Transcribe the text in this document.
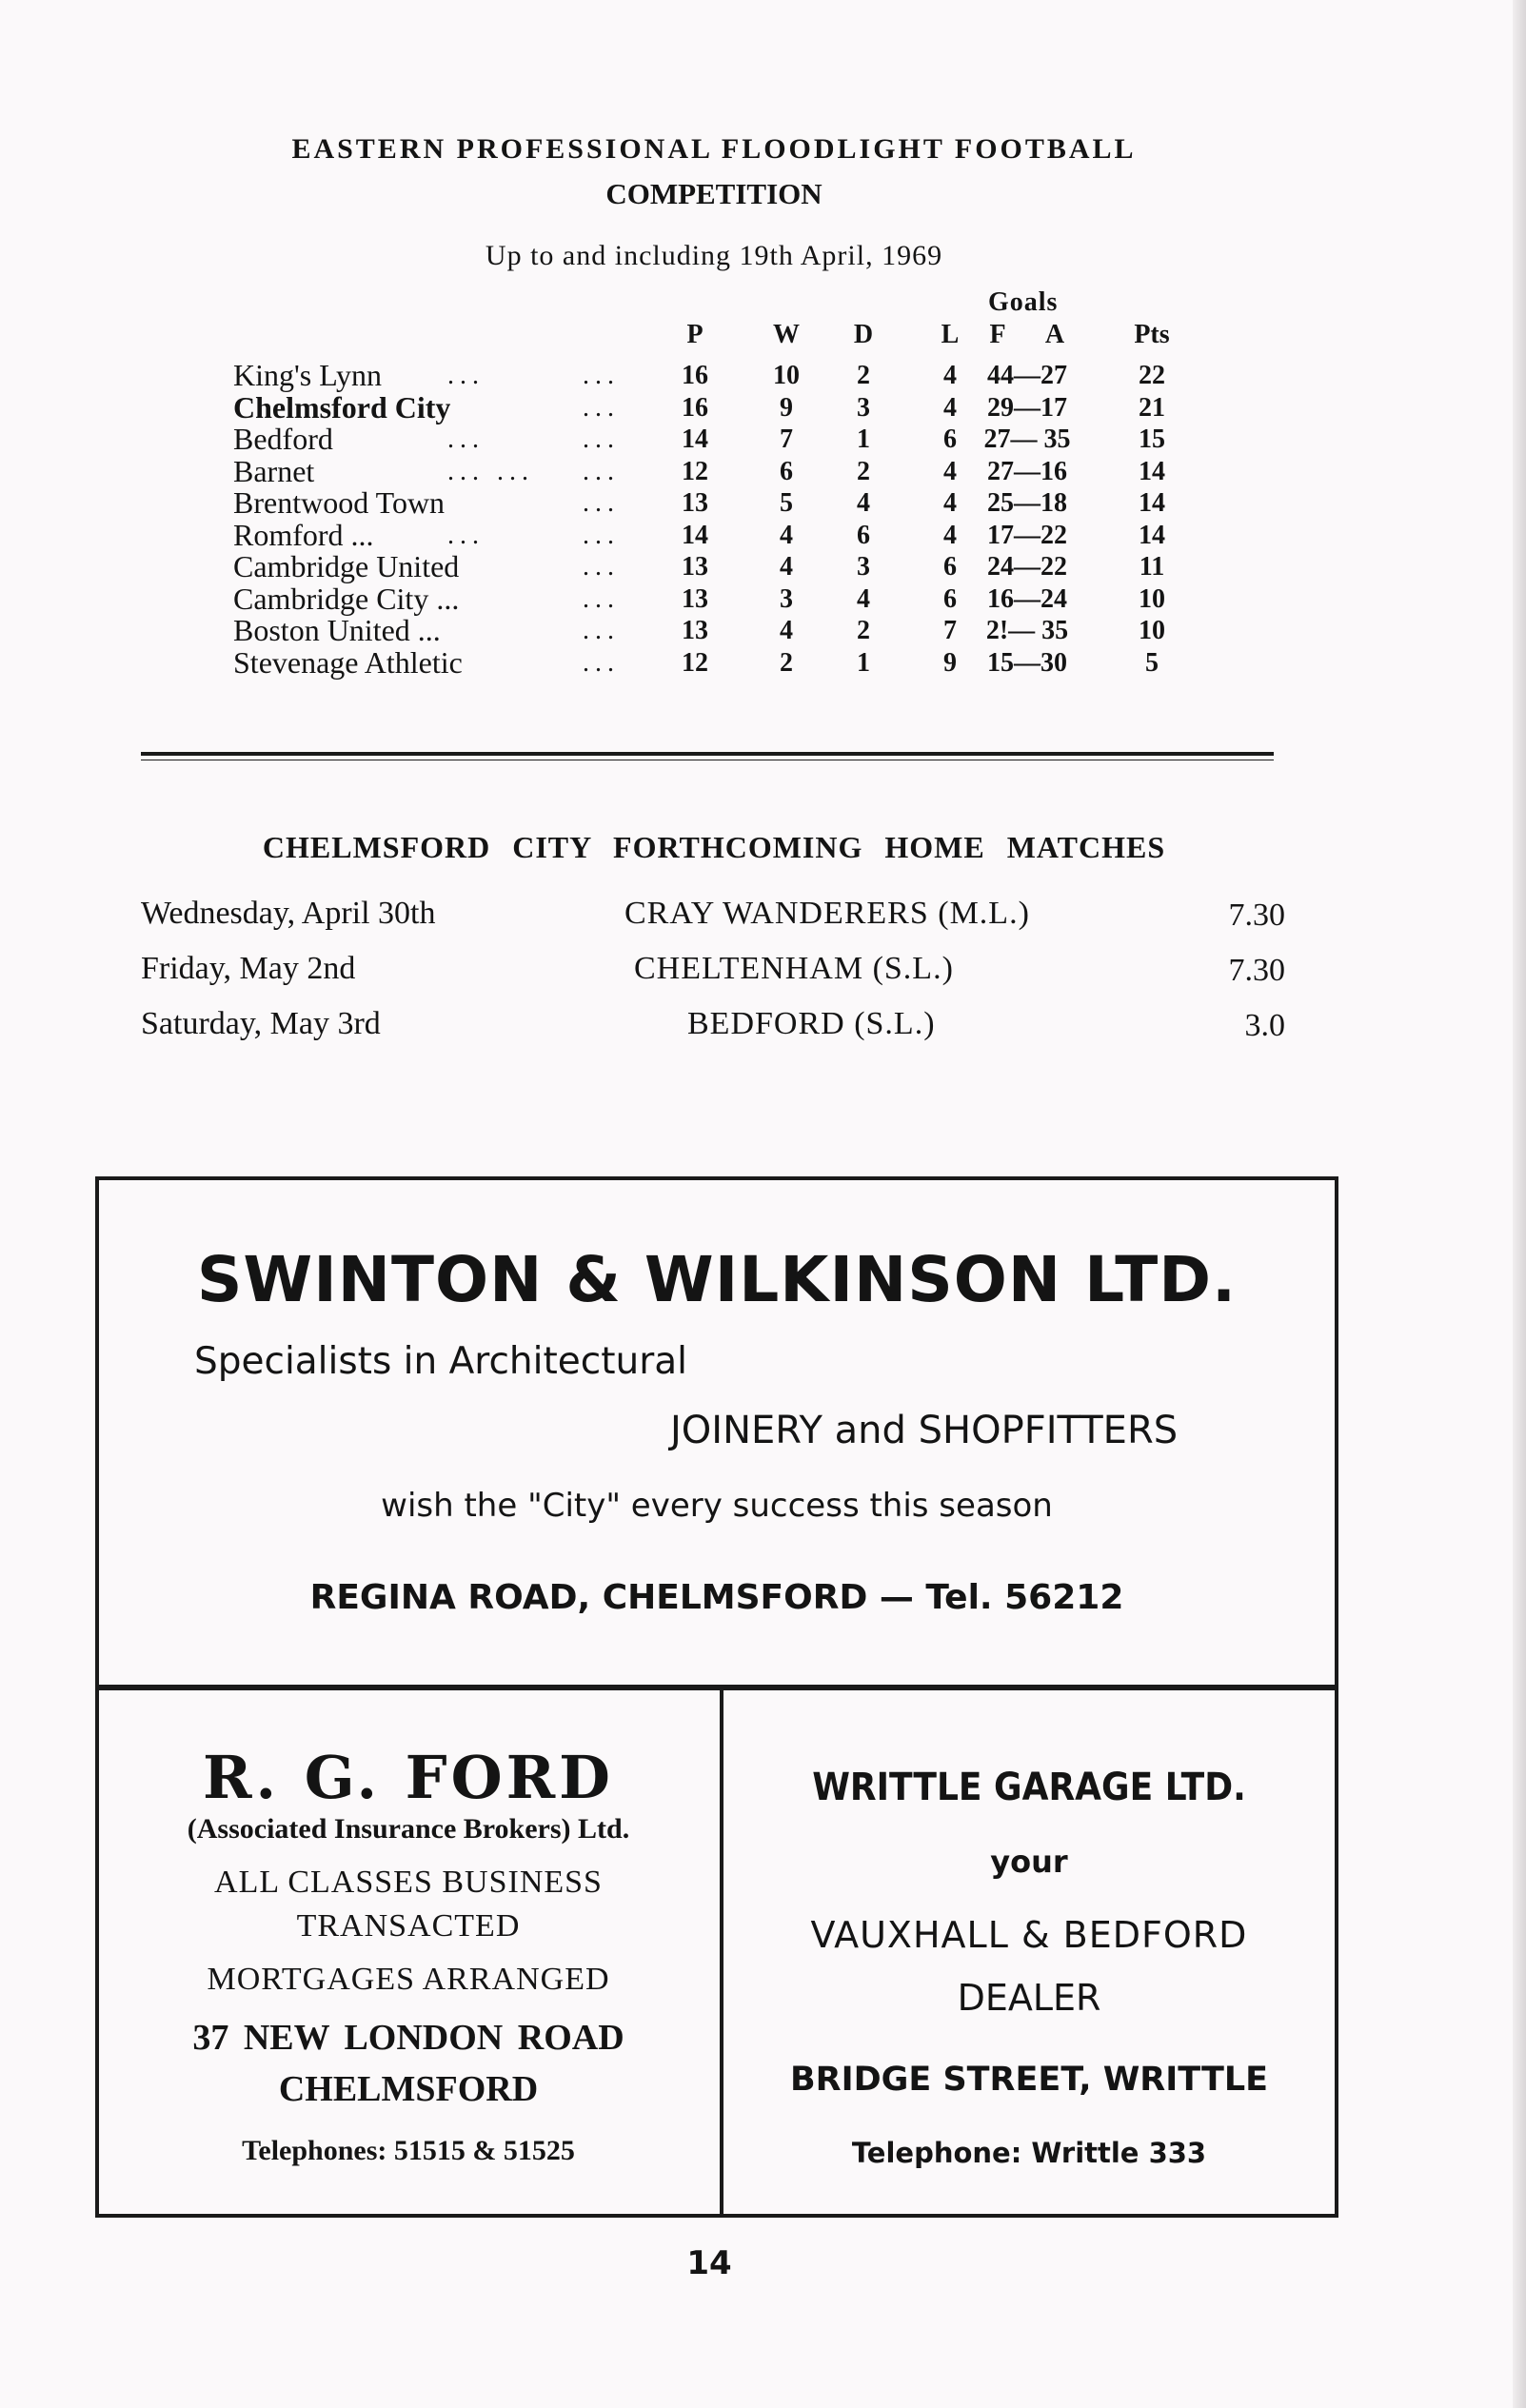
EASTERN PROFESSIONAL FLOODLIGHT FOOTBALL
COMPETITION
Up to and including 19th April, 1969
Goals
P	W	D	L	F	A	Pts
King's Lynn	...	...	16	10	2	4	44—27	22
Chelmsford City	...	16	9	3	4	29—17	21
Bedford	...	...	14	7	1	6	27— 35	15
Barnet	... ... ...	12	6	2	4	27—16	14
Brentwood Town	...	13	5	4	4	25—18	14
Romford ...	...	...	14	4	6	4	17—22	14
Cambridge United	...	13	4	3	6	24—22	11
Cambridge City ...	...	13	3	4	6	16—24	10
Boston United ...	...	13	4	2	7	2!— 35	10
Stevenage Athletic	...	12	2	1	9	15—30	5
CHELMSFORD CITY FORTHCOMING HOME MATCHES
Wednesday, April 30th	CRAY WANDERERS (M.L.)	7.30
Friday, May 2nd	CHELTENHAM (S.L.)	7.30
Saturday, May 3rd	BEDFORD (S.L.)	3.0
SWINTON & WILKINSON LTD.
Specialists in Architectural
JOINERY and SHOPFITTERS
wish the "City" every success this season
REGINA ROAD, CHELMSFORD — Tel. 56212
R. G. FORD
(Associated Insurance Brokers) Ltd.
ALL CLASSES BUSINESS
TRANSACTED
MORTGAGES ARRANGED
37 NEW LONDON ROAD
CHELMSFORD
Telephones: 51515 & 51525
WRITTLE GARAGE LTD.
your
VAUXHALL & BEDFORD
DEALER
BRIDGE STREET, WRITTLE
Telephone: Writtle 333
14
